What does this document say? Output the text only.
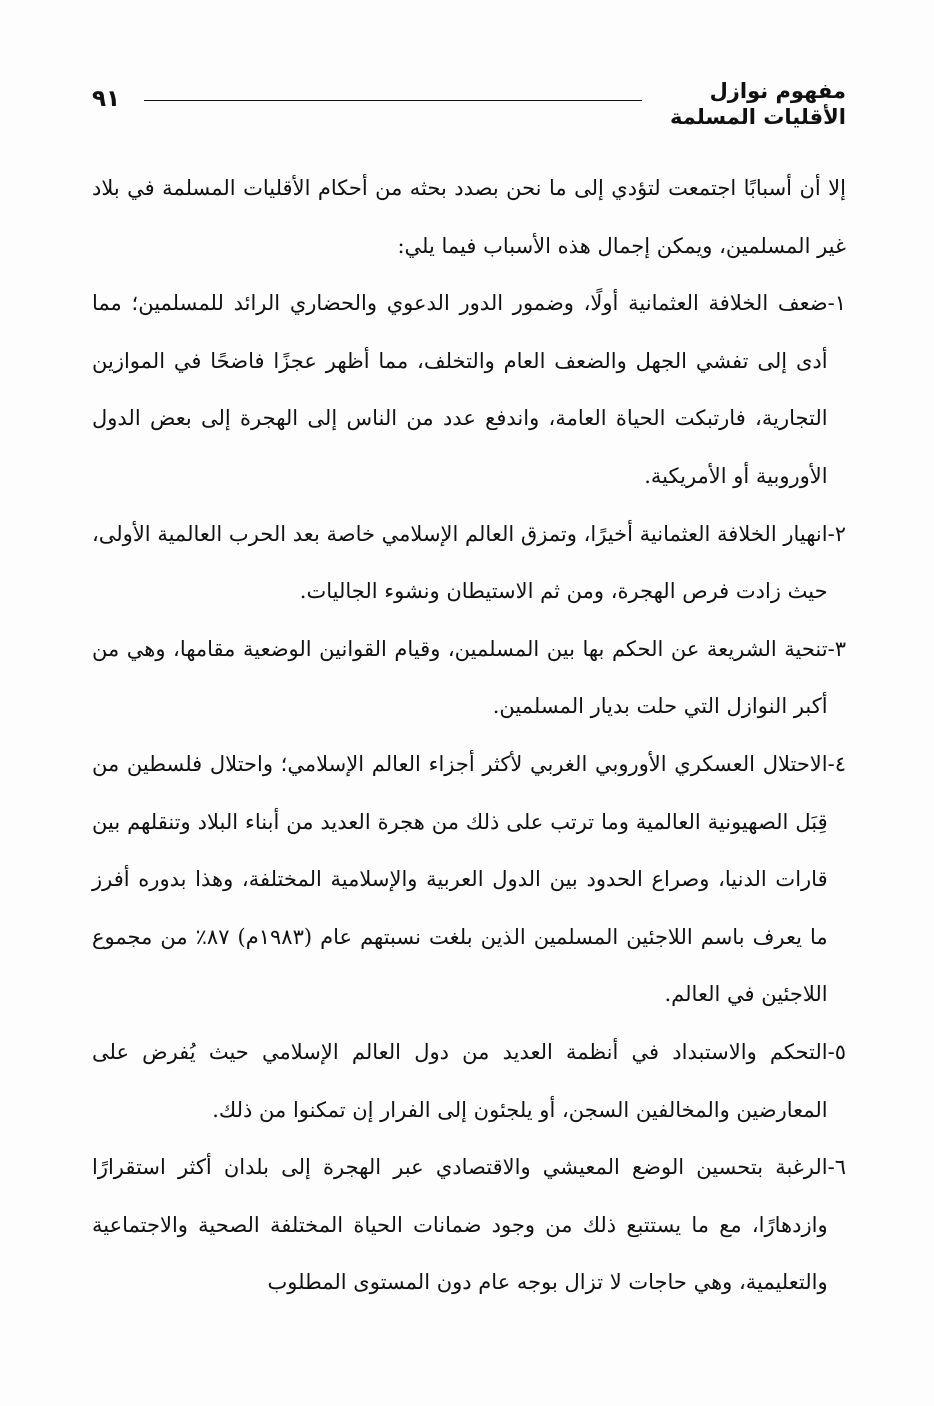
مفهوم نوازل
الأقليات المسلمة
٩١

إلا أن أسبابًا اجتمعت لتؤدي إلى ما نحن بصدد بحثه من أحكام الأقليات المسلمة في بلاد غير المسلمين، ويمكن إجمال هذه الأسباب فيما يلي:

١-
ضعف الخلافة العثمانية أولًا، وضمور الدور الدعوي والحضاري الرائد للمسلمين؛ مما أدى إلى تفشي الجهل والضعف العام والتخلف، مما أظهر عجزًا فاضحًا في الموازين التجارية، فارتبكت الحياة العامة، واندفع عدد من الناس إلى الهجرة إلى بعض الدول الأوروبية أو الأمريكية.
٢-
انهيار الخلافة العثمانية أخيرًا، وتمزق العالم الإسلامي خاصة بعد الحرب العالمية الأولى، حيث زادت فرص الهجرة، ومن ثم الاستيطان ونشوء الجاليات.
٣-
تنحية الشريعة عن الحكم بها بين المسلمين، وقيام القوانين الوضعية مقامها، وهي من أكبر النوازل التي حلت بديار المسلمين.
٤-
الاحتلال العسكري الأوروبي الغربي لأكثر أجزاء العالم الإسلامي؛ واحتلال فلسطين من قِبَل الصهيونية العالمية وما ترتب على ذلك من هجرة العديد من أبناء البلاد وتنقلهم بين قارات الدنيا، وصراع الحدود بين الدول العربية والإسلامية المختلفة، وهذا بدوره أفرز ما يعرف باسم اللاجئين المسلمين الذين بلغت نسبتهم عام (١٩٨٣م) ٨٧٪ من مجموع اللاجئين في العالم.
٥-
التحكم والاستبداد في أنظمة العديد من دول العالم الإسلامي حيث يُفرض على المعارضين والمخالفين السجن، أو يلجئون إلى الفرار إن تمكنوا من ذلك.
٦-
الرغبة بتحسين الوضع المعيشي والاقتصادي عبر الهجرة إلى بلدان أكثر استقرارًا وازدهارًا، مع ما يستتبع ذلك من وجود ضمانات الحياة المختلفة الصحية والاجتماعية والتعليمية، وهي حاجات لا تزال بوجه عام دون المستوى المطلوب
